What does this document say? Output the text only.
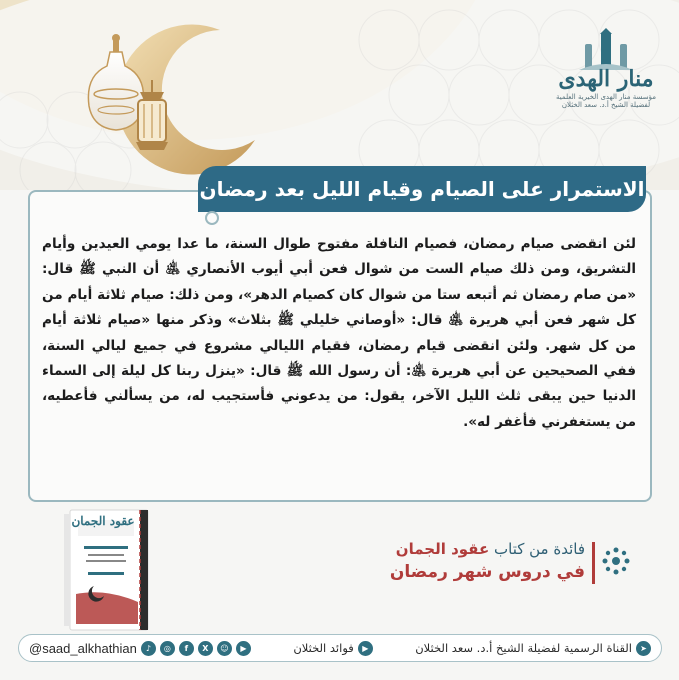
منار الهدى
مؤسسة منار الهدى الخيرية العلمية لفضيلة الشيخ أ.د. سعد الخثلان
الاستمرار على الصيام وقيام الليل بعد رمضان
لئن انقضى صيام رمضان، فصيام النافلة مفتوح طوال السنة، ما عدا يومي العيدين وأيام التشريق، ومن ذلك صيام الست من شوال فعن أبي أيوب الأنصاري ﵁ أن النبي ﷺ قال: «من صام رمضان ثم أتبعه ستا من شوال كان كصيام الدهر»، ومن ذلك: صيام ثلاثة أيام من كل شهر فعن أبي هريرة ﵁ قال: «أوصاني خليلي ﷺ بثلاث» وذكر منها «صيام ثلاثة أيام من كل شهر. ولئن انقضى قيام رمضان، فقيام الليالي مشروع في جميع ليالي السنة، ففي الصحيحين عن أبي هريرة ﵁: أن رسول الله ﷺ قال: «ينزل ربنا كل ليلة إلى السماء الدنيا حين يبقى ثلث الليل الآخر، يقول: من يدعوني فأستجيب له، من يسألني فأعطيه، من يستغفرني فأغفر له».
عقود الجمان
فائدة من كتاب عقود الجمان
في دروس شهر رمضان
@saad_alkhathian	♪	◎	f	X	☺	▶	▶
فوائد الخثلان	➤
القناة الرسمية لفضيلة الشيخ أ.د. سعد الخثلان
